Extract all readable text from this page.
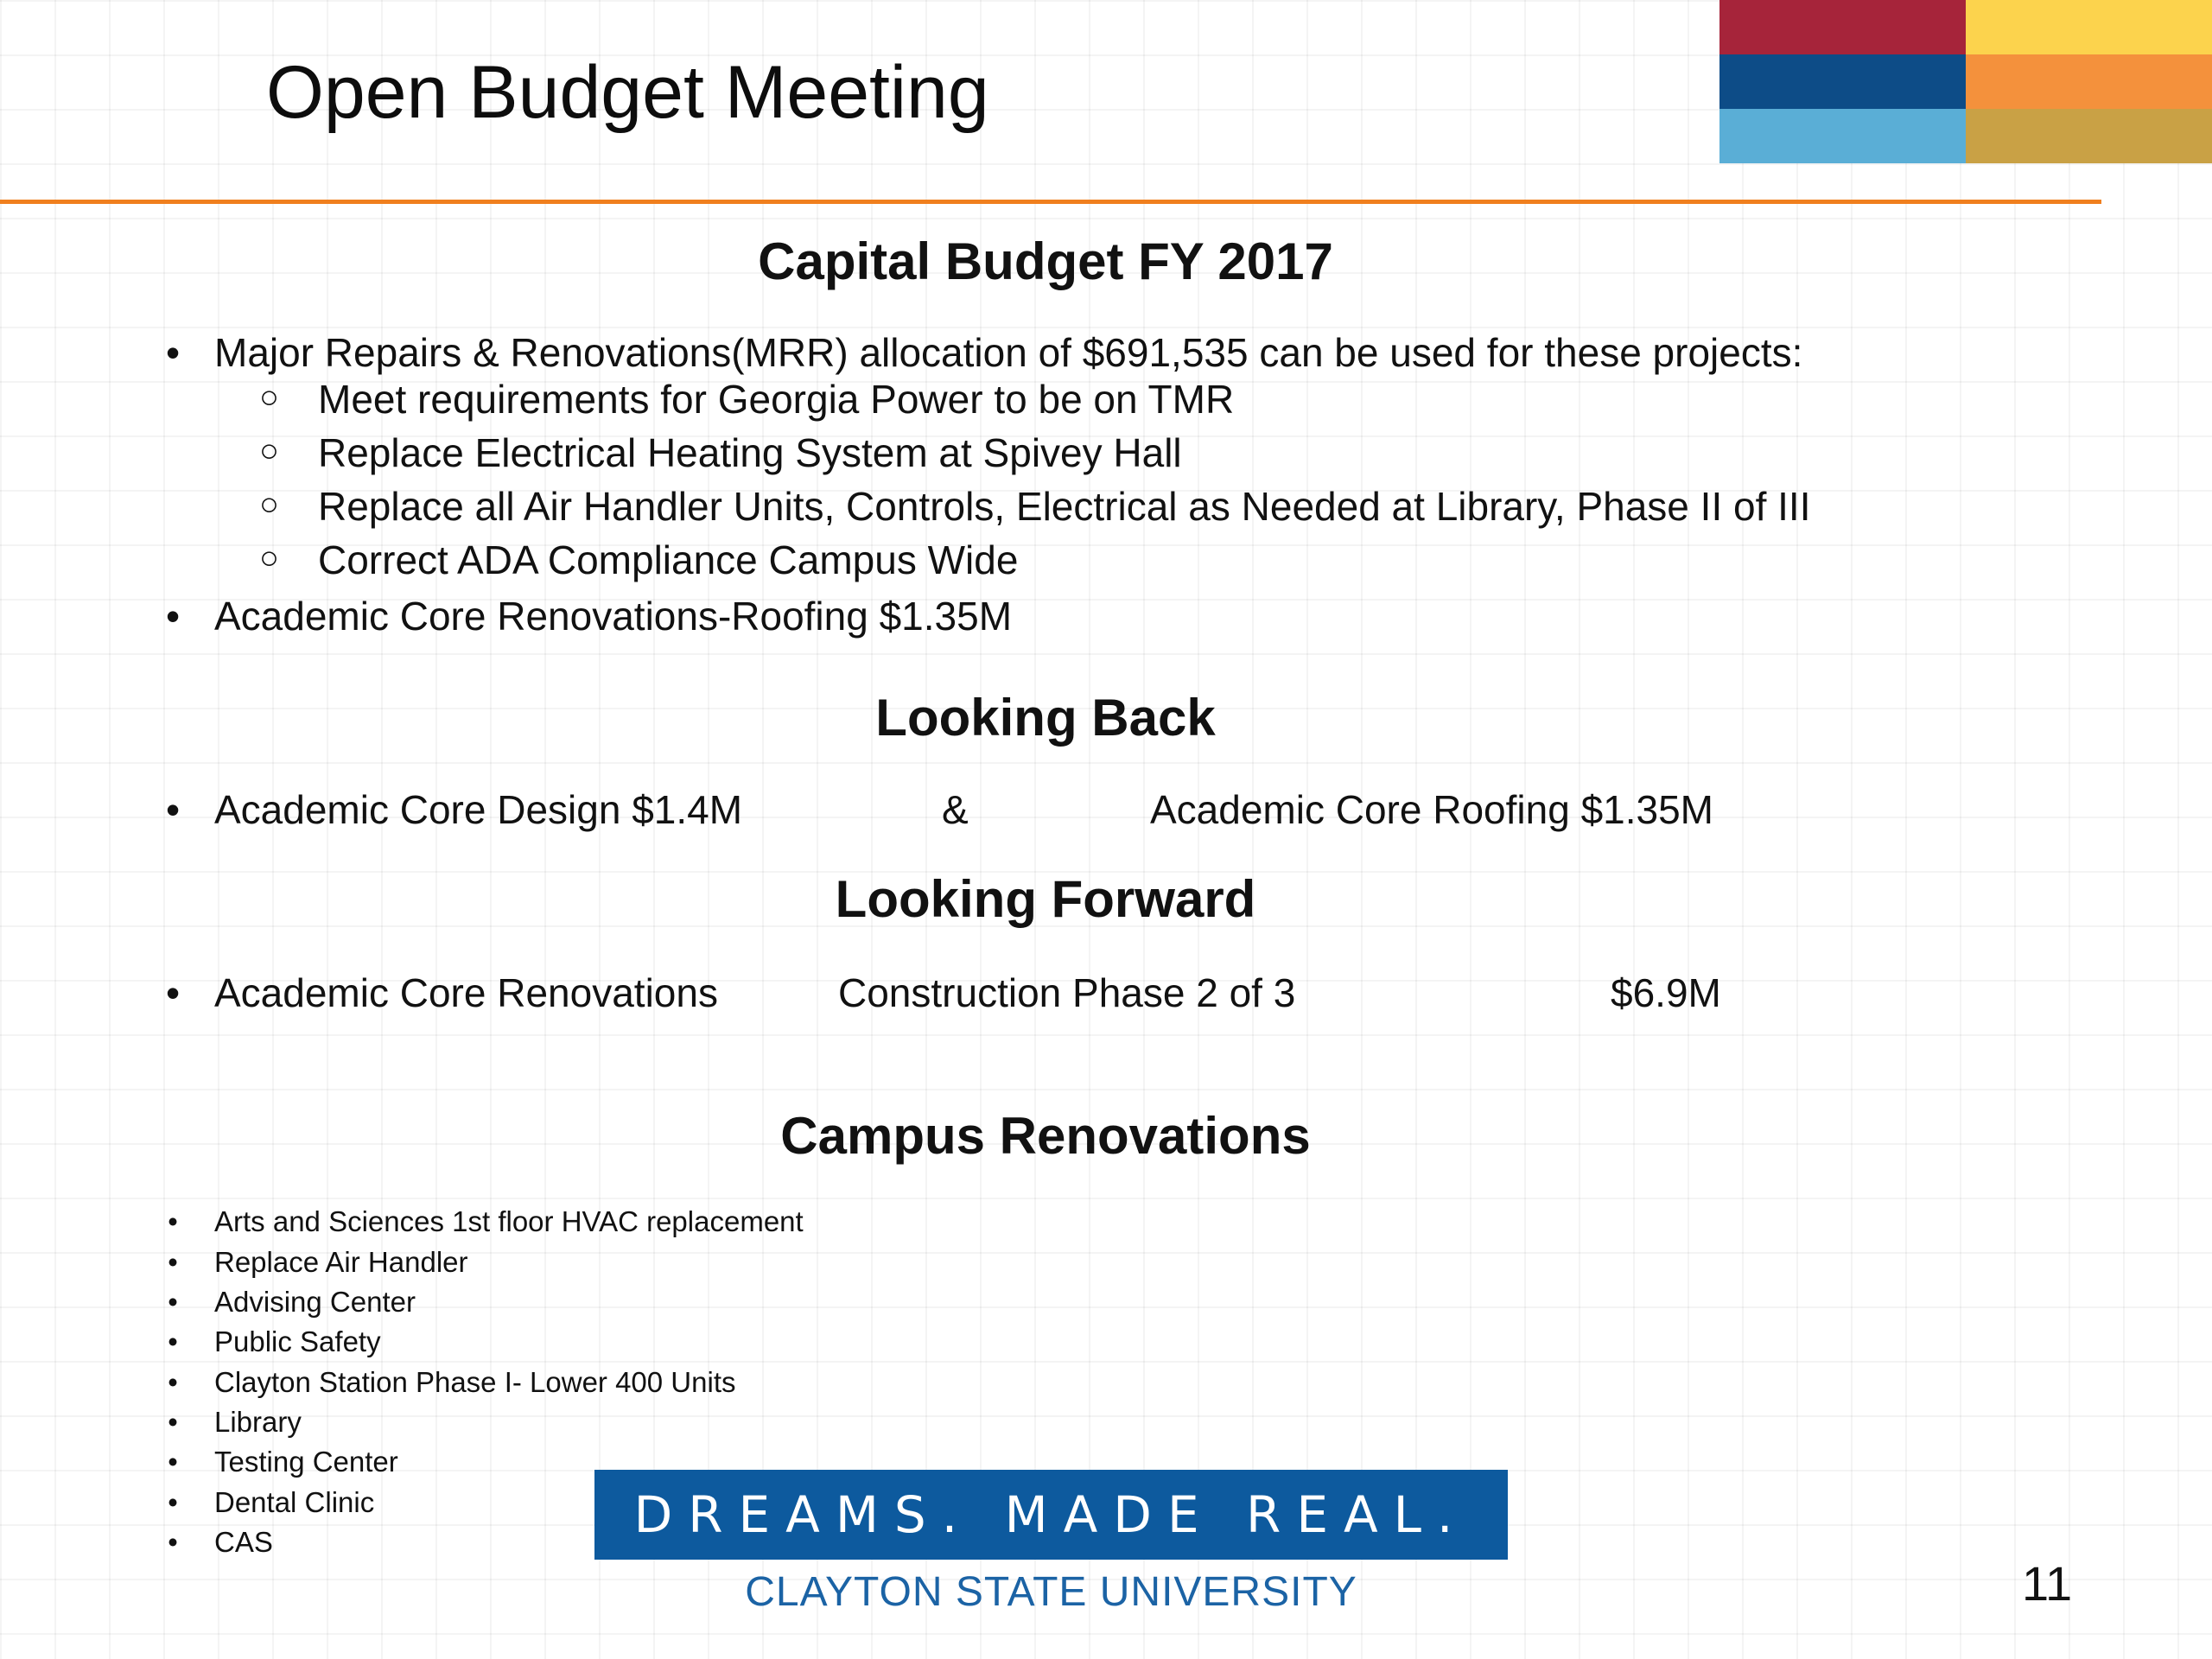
Open Budget Meeting
Capital Budget FY 2017
• Major Repairs & Renovations(MRR) allocation of $691,535 can be used for these projects:
○ Meet requirements for Georgia Power to be on TMR
○ Replace Electrical Heating System at Spivey Hall
○ Replace all Air Handler Units, Controls, Electrical as Needed at Library, Phase II of III
○ Correct ADA Compliance Campus Wide
• Academic Core Renovations-Roofing $1.35M
Looking Back
• Academic Core Design $1.4M	&	Academic Core Roofing $1.35M
Looking Forward
• Academic Core Renovations	Construction Phase 2 of 3	$6.9M
Campus Renovations
•	Arts and Sciences 1st floor HVAC replacement
•	Replace Air Handler
•	Advising Center
•	Public Safety
•	Clayton Station Phase I- Lower 400 Units
•	Library
•	Testing Center
•	Dental Clinic
•	CAS	DREAMS. MADE REAL.
CLAYTON STATE UNIVERSITY	11
